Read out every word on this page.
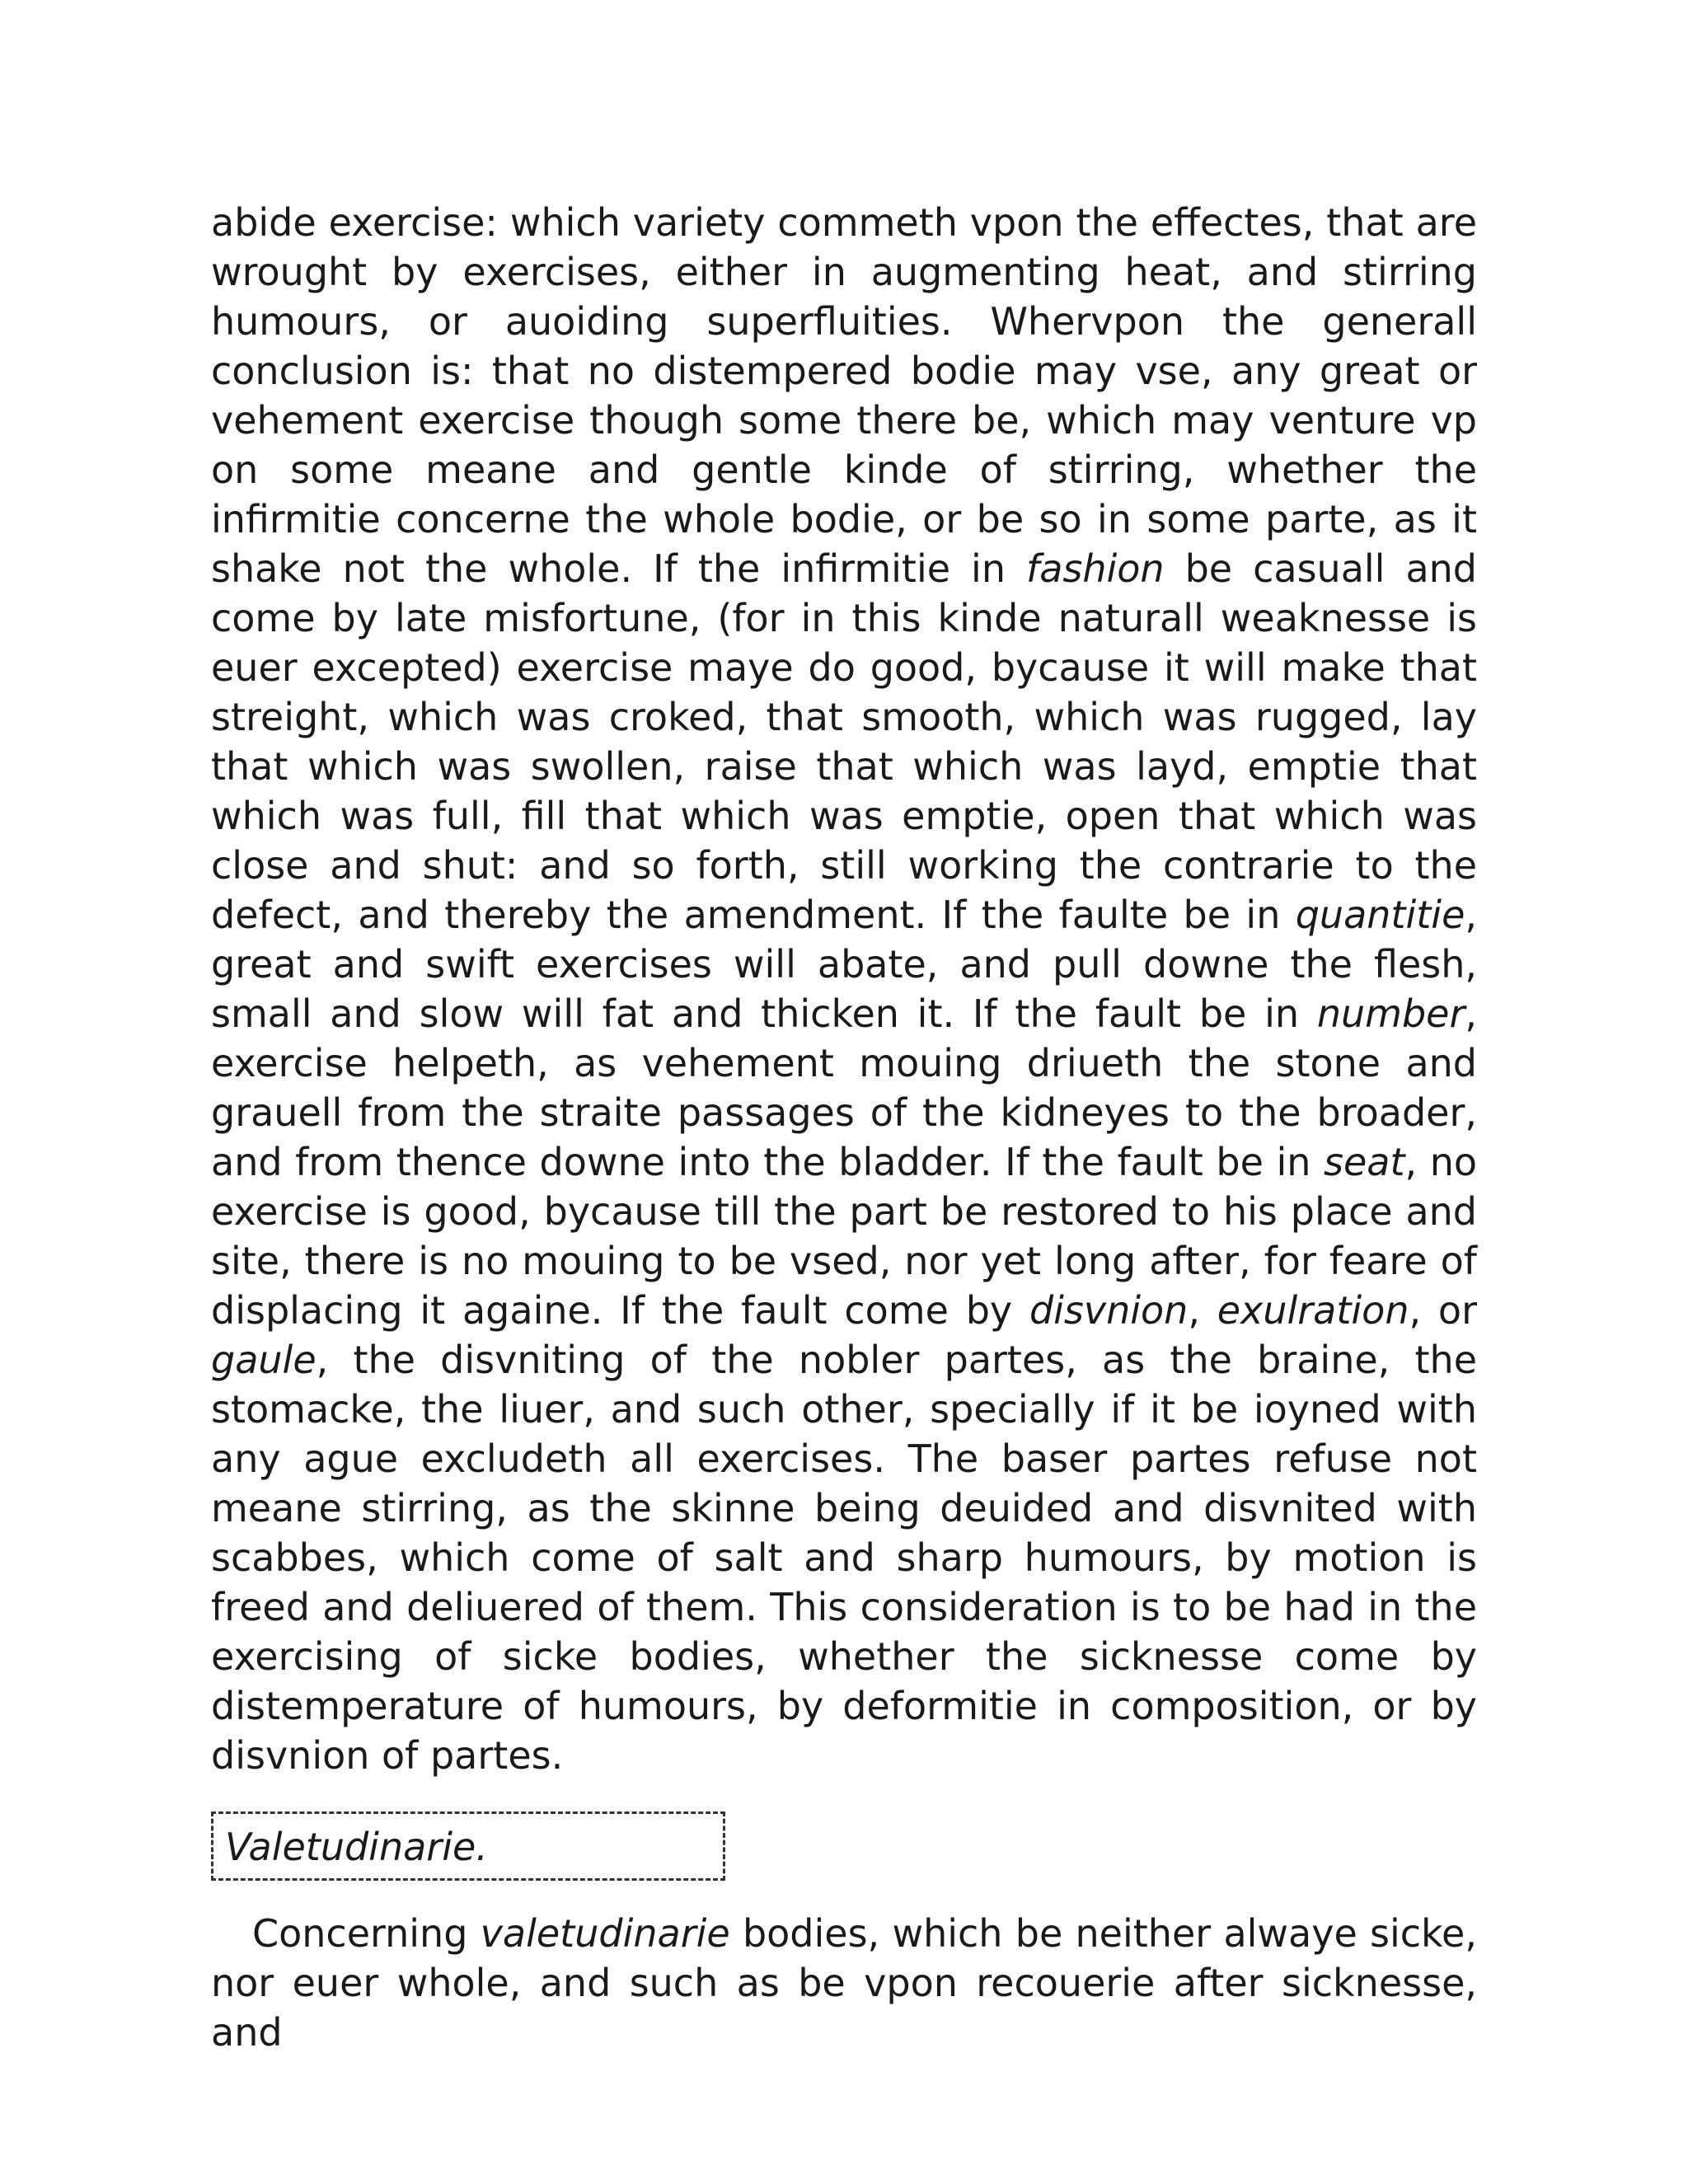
abide exercise: which variety commeth vpon the effectes, that are wrought by exercises, either in augmenting heat, and stirring humours, or auoiding superfluities. Whervpon the generall conclusion is: that no distempered bodie may vse, any great or vehement exercise though some there be, which may venture vp on some meane and gentle kinde of stirring, whether the infirmitie concerne the whole bodie, or be so in some parte, as it shake not the whole. If the infirmitie in fashion be casuall and come by late misfortune, (for in this kinde naturall weaknesse is euer excepted) exercise maye do good, bycause it will make that streight, which was croked, that smooth, which was rugged, lay that which was swollen, raise that which was layd, emptie that which was full, fill that which was emptie, open that which was close and shut: and so forth, still working the contrarie to the defect, and thereby the amendment. If the faulte be in quantitie, great and swift exercises will abate, and pull downe the flesh, small and slow will fat and thicken it. If the fault be in number, exercise helpeth, as vehement mouing driueth the stone and grauell from the straite passages of the kidneyes to the broader, and from thence downe into the bladder. If the fault be in seat, no exercise is good, bycause till the part be restored to his place and site, there is no mouing to be vsed, nor yet long after, for feare of displacing it againe. If the fault come by disvnion, exulration, or gaule, the disvniting of the nobler partes, as the braine, the stomacke, the liuer, and such other, specially if it be ioyned with any ague excludeth all exercises. The baser partes refuse not meane stirring, as the skinne being deuided and disvnited with scabbes, which come of salt and sharp humours, by motion is freed and deliuered of them. This consideration is to be had in the exercising of sicke bodies, whether the sicknesse come by distemperature of humours, by deformitie in composition, or by disvnion of partes.

Valetudinarie.

Concerning valetudinarie bodies, which be neither alwaye sicke, nor euer whole, and such as be vpon recouerie after sicknesse, and
